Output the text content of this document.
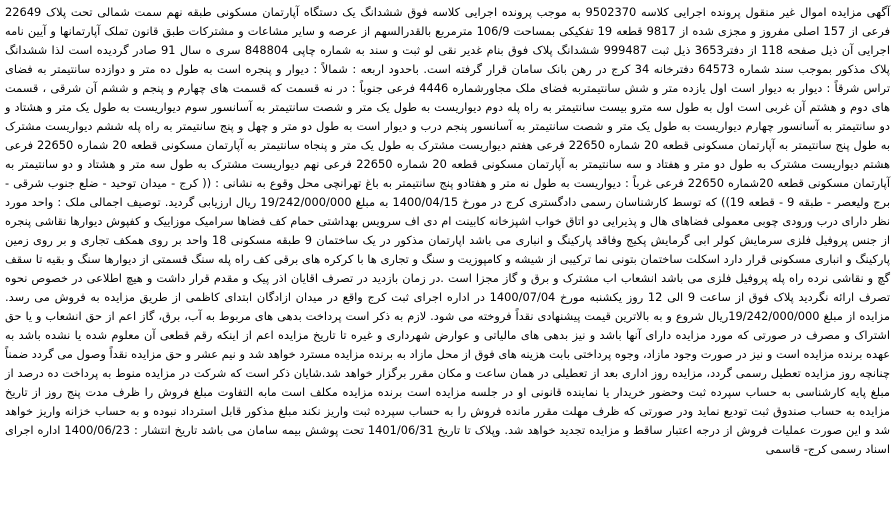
آگهی مزایده اموال غیر منقول پرونده اجرایی کلاسه 9502370 به موجب پرونده اجرایی کلاسه فوق ششدانگ یک دستگاه آپارتمان مسکونی طبقه نهم سمت شمالی تحت پلاک 22649 فرعی از 157 اصلی مفروز و مجزی شده از 9817 قطعه 19 تفکیکی بمساحت 106/9 مترمربع بالقدرالسهم از عرصه و سایر مشاعات و مشترکات طبق قانون تملک آپارتمانها و آیین نامه اجرایی آن ذیل صفحه 118 از دفتر3653 ذیل ثبت 999487 ششدانگ پلاک فوق بنام غدیر نقی لو ثبت و سند به شماره چاپی 848804 سری ه سال 91 صادر گردیده است لذا ششدانگ پلاک مذکور بموجب سند شماره 64573 دفترخانه 34 کرج در رهن بانک سامان قرار گرفته است. باحدود اربعه : شمالاً : دیوار و پنجره است به طول ده متر و دوازده سانتیمتر به فضای تراس شرقاً : دیوار به دیوار است اول یازده متر و شش سانتیمتربه فضای ملک مجاورشماره 4446 فرعی جنوباً : در نه قسمت که قسمت های چهارم و پنجم و ششم آن شرقی ، قسمت های دوم و هشتم آن غربی است اول به طول سه مترو بیست سانتیمتر به راه پله دوم دیواریست به طول یک متر و شصت سانتیمتر به آسانسور سوم دیواریست به طول یک متر و هشتاد و دو سانتیمتر به آسانسور چهارم دیواریست به طول یک متر و شصت سانتیمتر به آسانسور پنجم درب و دیوار است به طول دو متر و چهل و پنج سانتیمتر به راه پله ششم دیواریست مشترک به طول پنج سانتیمتر به آپارتمان مسکونی قطعه 20 شماره 22650 فرعی هفتم دیواریست مشترک به طول یک متر و پنجاه سانتیمتر به آپارتمان مسکونی قطعه 20 شماره 22650 فرعی هشتم دیواریست مشترک به طول دو متر و هفتاد و سه سانتیمتر به آپارتمان مسکونی قطعه 20 شماره 22650 فرعی نهم دیواریست مشترک به طول سه متر و هشتاد و دو سانتیمتر به آپارتمان مسکونی قطعه 20شماره 22650 فرعی غرباً : دیواریست به طول نه متر و هفتادو پنج سانتیمتر به باغ تهرانچی محل وقوع به نشانی : (( کرج - میدان توحید - ضلع جنوب شرقی - برج ولیعصر - طبقه 9 - قطعه 19)) که توسط کارشناسان رسمی دادگستری کرج در مورخ 1400/04/15 به مبلغ 19/242/000/000 ریال ارزیابی گردید. توصیف اجمالی ملک : واحد مورد نظر دارای درب ورودی چوبی معمولی فضاهای هال و پذیرایی دو اتاق خواب اشپزخانه کابینت ام دی اف سرویس بهداشتی حمام کف فضاها سرامیک موزاییک و کفپوش دیوارها نقاشی پنجره از جنس پروفیل فلزی سرمایش کولر ابی گرمایش پکیج وفاقد پارکینگ و انباری می باشد اپارتمان مذکور در یک ساختمان 9 طبقه مسکونی 18 واحد بر روی همکف تجاری و بر روی زمین پارکینگ و انباری مسکونی قرار دارد اسکلت ساختمان بتونی نما ترکیبی از شیشه و کامپوزیت و سنگ و تجاری ها با کرکره های برقی کف راه پله سنگ قسمتی از دیوارها سنگ و بقیه تا سقف گچ و نقاشی نرده راه پله پروفیل فلزی می باشد انشعاب اب مشترک و برق و گاز مجزا است .در زمان بازدید در تصرف اقایان اذر پیک و مقدم قرار داشت و هیچ اطلاعی در خصوص نحوه تصرف ارائه نگردید پلاک فوق از ساعت 9 الی 12 روز یکشنبه مورخ 1400/07/04 در اداره اجرای ثبت کرج واقع در میدان ازادگان ابتدای کاظمی از طریق مزایده به فروش می رسد. مزایده از مبلغ 19/242/000/000ریال شروع و به بالاترین قیمت پیشنهادی نقداً فروخته می شود. لازم به ذکر است پرداخت بدهی های مربوط به آب، برق، گاز اعم از حق انشعاب و یا حق اشتراک و مصرف در صورتی که مورد مزایده دارای آنها باشد و نیز بدهی های مالیاتی و عوارض شهرداری و غیره تا تاریخ مزایده اعم از اینکه رقم قطعی آن معلوم شده یا نشده باشد به عهده برنده مزایده است و نیز در صورت وجود مازاد، وجوه پرداختی بابت هزینه های فوق از محل مازاد به برنده مزایده مسترد خواهد شد و نیم عشر و حق مزایده نقداً وصول می گردد ضمناً چنانچه روز مزایده تعطیل رسمی گردد، مزایده روز اداری بعد از تعطیلی در همان ساعت و مکان مقرر برگزار خواهد شد.شایان ذکر است که شرکت در مزایده منوط به پرداخت ده درصد از مبلغ پایه کارشناسی به حساب سپرده ثبت وحضور خریدار یا نماینده قانونی او در جلسه مزایده است برنده مزایده مکلف است مابه التفاوت مبلغ فروش را ظرف مدت پنج روز از تاریخ مزایده به حساب صندوق ثبت تودیع نماید ودر صورتی که ظرف مهلت مقرر مانده فروش را به حساب سپرده ثبت واریز نکند مبلغ مذکور قابل استرداد نبوده و به حساب خزانه واریز خواهد شد و این صورت عملیات فروش از درجه اعتبار ساقط و مزایده تجدید خواهد شد. وپلاک تا تاریخ 1401/06/31 تحت پوشش بیمه سامان می باشد تاریخ انتشار : 1400/06/23 اداره اجرای اسناد رسمی کرج- قاسمی
